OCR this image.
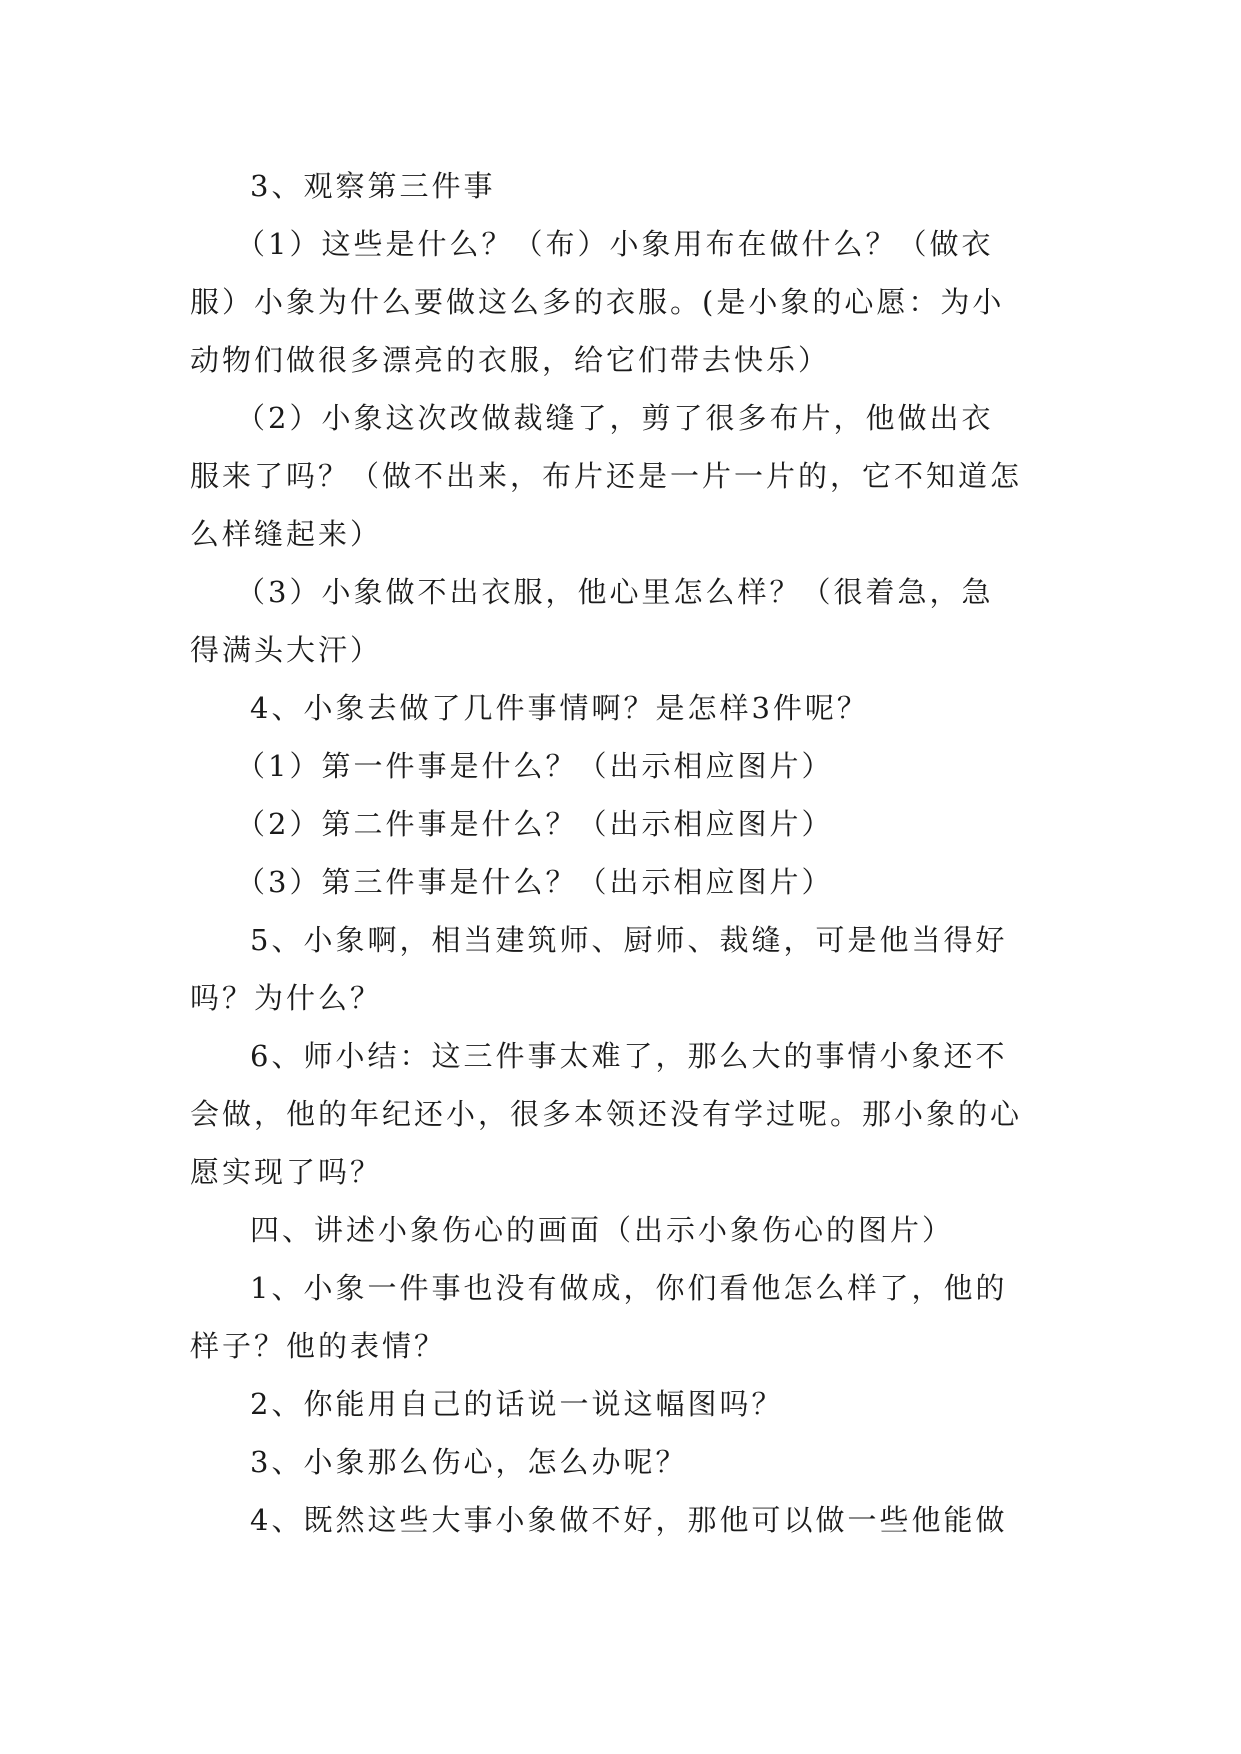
3、观察第三件事
（1）这些是什么？（布）小象用布在做什么？（做衣
服）小象为什么要做这么多的衣服。(是小象的心愿：为小
动物们做很多漂亮的衣服，给它们带去快乐）
（2）小象这次改做裁缝了，剪了很多布片，他做出衣
服来了吗？（做不出来，布片还是一片一片的，它不知道怎
么样缝起来）
（3）小象做不出衣服，他心里怎么样？（很着急，急
得满头大汗）
4、小象去做了几件事情啊？是怎样3件呢？
（1）第一件事是什么？（出示相应图片）
（2）第二件事是什么？（出示相应图片）
（3）第三件事是什么？（出示相应图片）
5、小象啊，相当建筑师、厨师、裁缝，可是他当得好
吗？为什么？
6、师小结：这三件事太难了，那么大的事情小象还不
会做，他的年纪还小，很多本领还没有学过呢。那小象的心
愿实现了吗？
四、讲述小象伤心的画面（出示小象伤心的图片）
1、小象一件事也没有做成，你们看他怎么样了，他的
样子？他的表情？
2、你能用自己的话说一说这幅图吗？
3、小象那么伤心，怎么办呢？
4、既然这些大事小象做不好，那他可以做一些他能做
